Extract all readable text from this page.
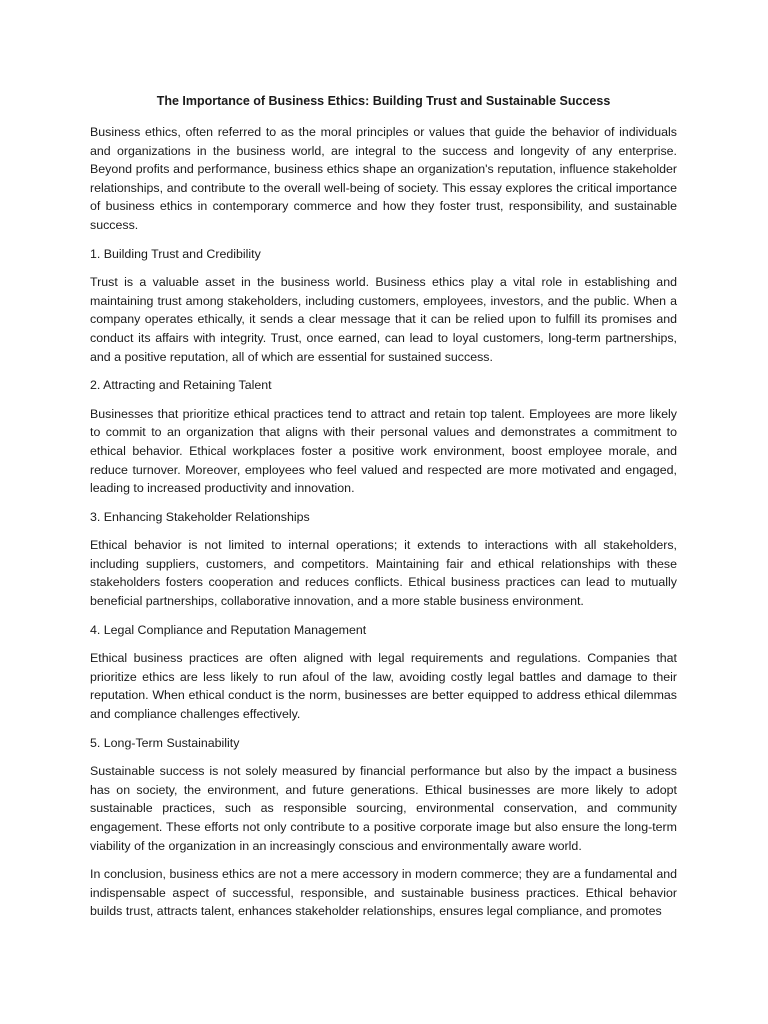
The Importance of Business Ethics: Building Trust and Sustainable Success

Business ethics, often referred to as the moral principles or values that guide the behavior of individuals and organizations in the business world, are integral to the success and longevity of any enterprise. Beyond profits and performance, business ethics shape an organization's reputation, influence stakeholder relationships, and contribute to the overall well-being of society. This essay explores the critical importance of business ethics in contemporary commerce and how they foster trust, responsibility, and sustainable success.

1. Building Trust and Credibility

Trust is a valuable asset in the business world. Business ethics play a vital role in establishing and maintaining trust among stakeholders, including customers, employees, investors, and the public. When a company operates ethically, it sends a clear message that it can be relied upon to fulfill its promises and conduct its affairs with integrity. Trust, once earned, can lead to loyal customers, long-term partnerships, and a positive reputation, all of which are essential for sustained success.

2. Attracting and Retaining Talent

Businesses that prioritize ethical practices tend to attract and retain top talent. Employees are more likely to commit to an organization that aligns with their personal values and demonstrates a commitment to ethical behavior. Ethical workplaces foster a positive work environment, boost employee morale, and reduce turnover. Moreover, employees who feel valued and respected are more motivated and engaged, leading to increased productivity and innovation.

3. Enhancing Stakeholder Relationships

Ethical behavior is not limited to internal operations; it extends to interactions with all stakeholders, including suppliers, customers, and competitors. Maintaining fair and ethical relationships with these stakeholders fosters cooperation and reduces conflicts. Ethical business practices can lead to mutually beneficial partnerships, collaborative innovation, and a more stable business environment.

4. Legal Compliance and Reputation Management

Ethical business practices are often aligned with legal requirements and regulations. Companies that prioritize ethics are less likely to run afoul of the law, avoiding costly legal battles and damage to their reputation. When ethical conduct is the norm, businesses are better equipped to address ethical dilemmas and compliance challenges effectively.

5. Long-Term Sustainability

Sustainable success is not solely measured by financial performance but also by the impact a business has on society, the environment, and future generations. Ethical businesses are more likely to adopt sustainable practices, such as responsible sourcing, environmental conservation, and community engagement. These efforts not only contribute to a positive corporate image but also ensure the long-term viability of the organization in an increasingly conscious and environmentally aware world.

In conclusion, business ethics are not a mere accessory in modern commerce; they are a fundamental and indispensable aspect of successful, responsible, and sustainable business practices. Ethical behavior builds trust, attracts talent, enhances stakeholder relationships, ensures legal compliance, and promotes
